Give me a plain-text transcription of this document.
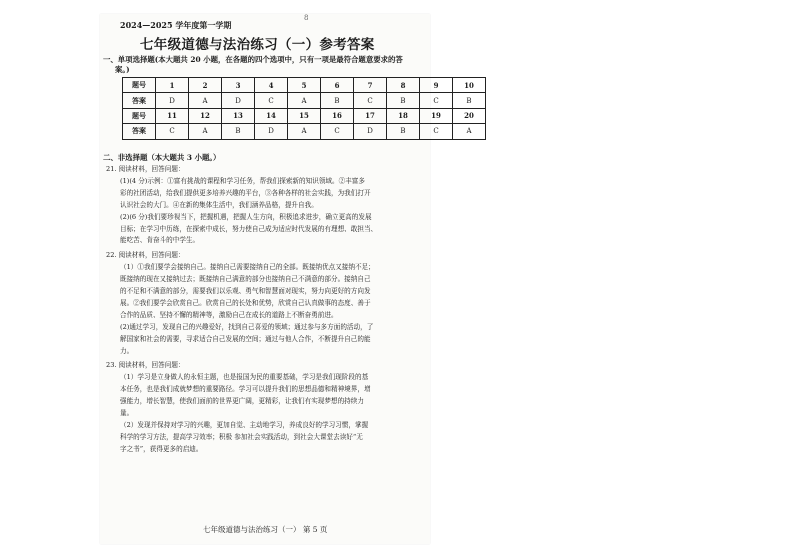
8
2024—2025 学年度第一学期
七年级道德与法治练习（一）参考答案
一、单项选择题(本大题共 20 小题，在各题的四个选项中，只有一项是最符合题意要求的答
案。)
题号	1	2	3	4	5	6	7	8	9	10
答案	D	A	D	C	A	B	C	B	C	B
题号	11	12	13	14	15	16	17	18	19	20
答案	C	A	B	D	A	C	D	B	C	A
二、非选择题（本大题共 3 小题。）
21. 阅读材料，回答问题：
(1)(4 分)示例：①富有挑战的课程和学习任务，帮我们探索新的知识领域。②丰富多
彩的社团活动，给我们提供更多培养兴趣的平台，③各种各样的社会实践，为我们打开
认识社会的大门。④在新的集体生活中，我们涵养品格，提升自我。
(2)(6 分)我们要珍视当下，把握机遇，把握人生方向，积极追求进步，确立更高的发展
目标；在学习中历练，在探索中成长，努力使自己成为适应时代发展的有理想、敢担当、
能吃苦、肯奋斗的中学生。
22. 阅读材料，回答问题：
（1）①我们要学会接纳自己。接纳自己需要接纳自己的全部。既接纳优点又接纳不足；
既接纳的现在又接纳过去；既接纳自己满意的部分也接纳自己不满意的部分。接纳自己
的不足和不满意的部分，需要我们以乐观、勇气和智慧面对现实，努力向更好的方向发
展。②我们要学会欣赏自己。欣赏自己的长处和优势，欣赏自己认真做事的态度、善于
合作的品质、坚持不懈的精神等，激励自己在成长的道路上不断奋勇前进。
(2)通过学习，发现自己的兴趣爱好，找到自己喜爱的领域；通过参与多方面的活动，了
解国家和社会的需要，寻求适合自己发展的空间；通过与他人合作，不断提升自己的能
力。
23. 阅读材料，回答问题：
（1）学习是立身做人的永恒主题，也是报国为民的重要基础，学习是我们现阶段的基
本任务，也是我们成就梦想的重要路径。学习可以提升我们的思想品德和精神境界，增
强能力，增长智慧，使我们面前的世界更广阔，更精彩，让我们有实现梦想的持续力
量。
（2）发现并保持对学习的兴趣，更加自觉、主动地学习，养成良好的学习习惯，掌握
科学的学习方法，提高学习效率；积极 参加社会实践活动，到社会大课堂去读好“无
字之书”，获得更多的启迪。
七年级道德与法治练习（一） 第 5 页
